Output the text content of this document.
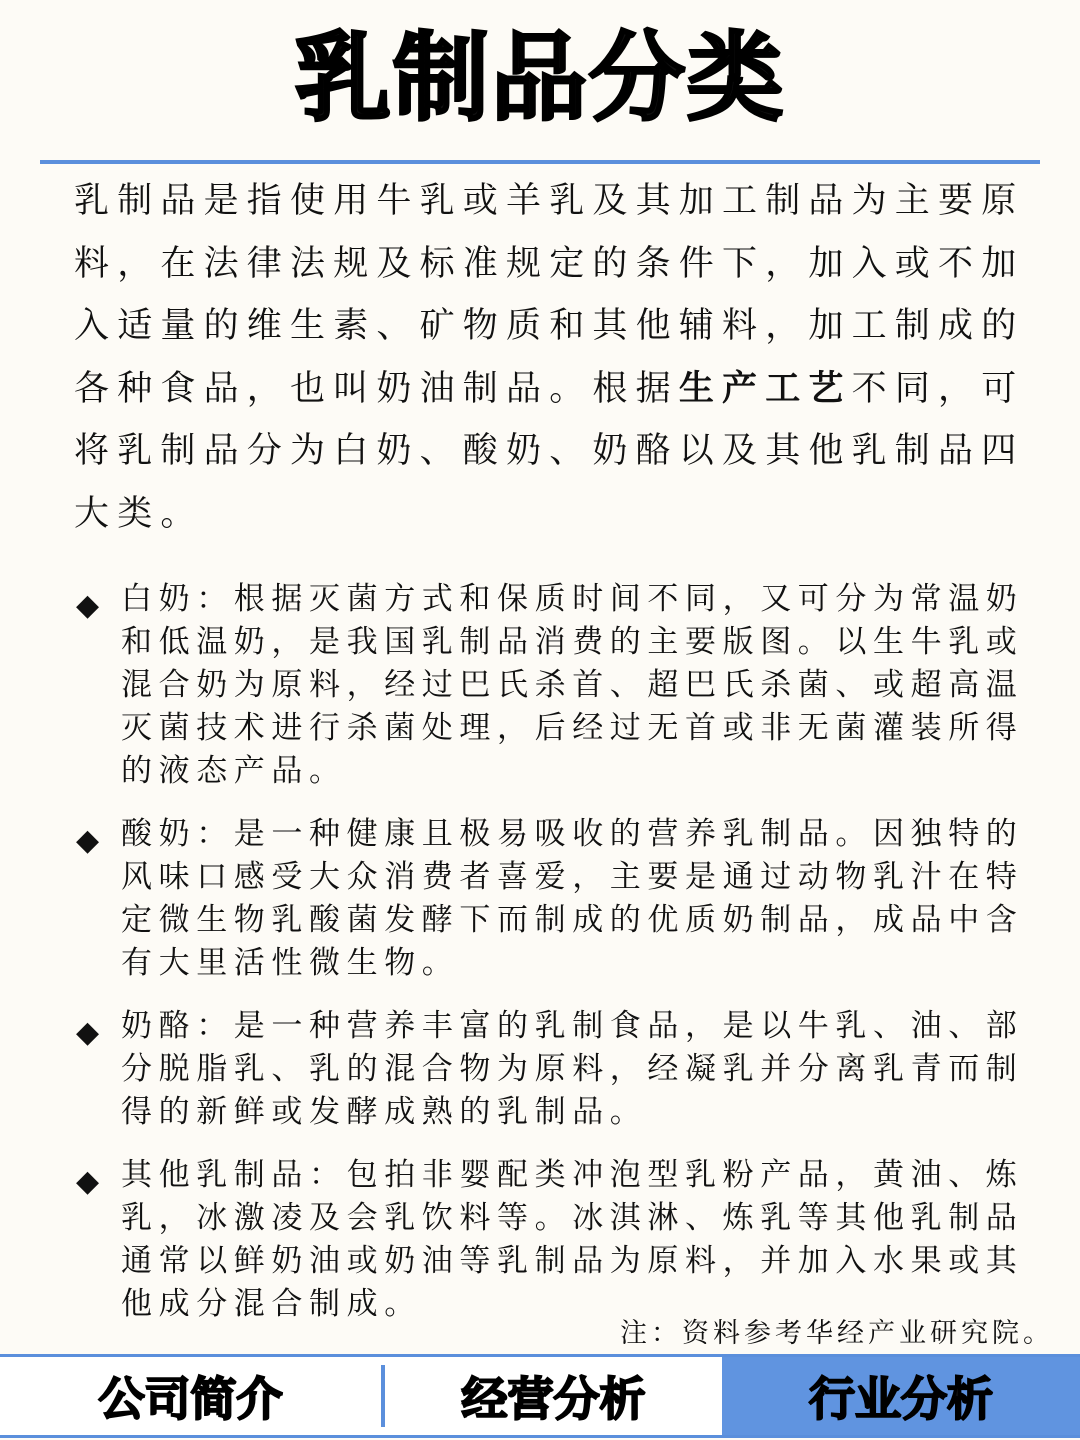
乳制品分类
乳制品是指使用牛乳或羊乳及其加工制品为主要原
料，在法律法规及标准规定的条件下，加入或不加
入适量的维生素、矿物质和其他辅料，加工制成的
各种食品，也叫奶油制品。根据生产工艺不同，可
将乳制品分为白奶、酸奶、奶酪以及其他乳制品四
大类。
◆ 白奶：根据灭菌方式和保质时间不同，又可分为常温奶
和低温奶，是我国乳制品消费的主要版图。以生牛乳或
混合奶为原料，经过巴氏杀首、超巴氏杀菌、或超高温
灭菌技术进行杀菌处理，后经过无首或非无菌灌装所得
的液态产品。
◆ 酸奶：是一种健康且极易吸收的营养乳制品。因独特的
风味口感受大众消费者喜爱，主要是通过动物乳汁在特
定微生物乳酸菌发酵下而制成的优质奶制品，成品中含
有大里活性微生物。
◆ 奶酪：是一种营养丰富的乳制食品，是以牛乳、油、部
分脱脂乳、乳的混合物为原料，经凝乳并分离乳青而制
得的新鲜或发酵成熟的乳制品。
◆ 其他乳制品：包拍非婴配类冲泡型乳粉产品，黄油、炼
乳，冰激凌及会乳饮料等。冰淇淋、炼乳等其他乳制品
通常以鲜奶油或奶油等乳制品为原料，并加入水果或其
他成分混合制成。
注：资料参考华经产业研究院。
公司简介	经营分析	行业分析
